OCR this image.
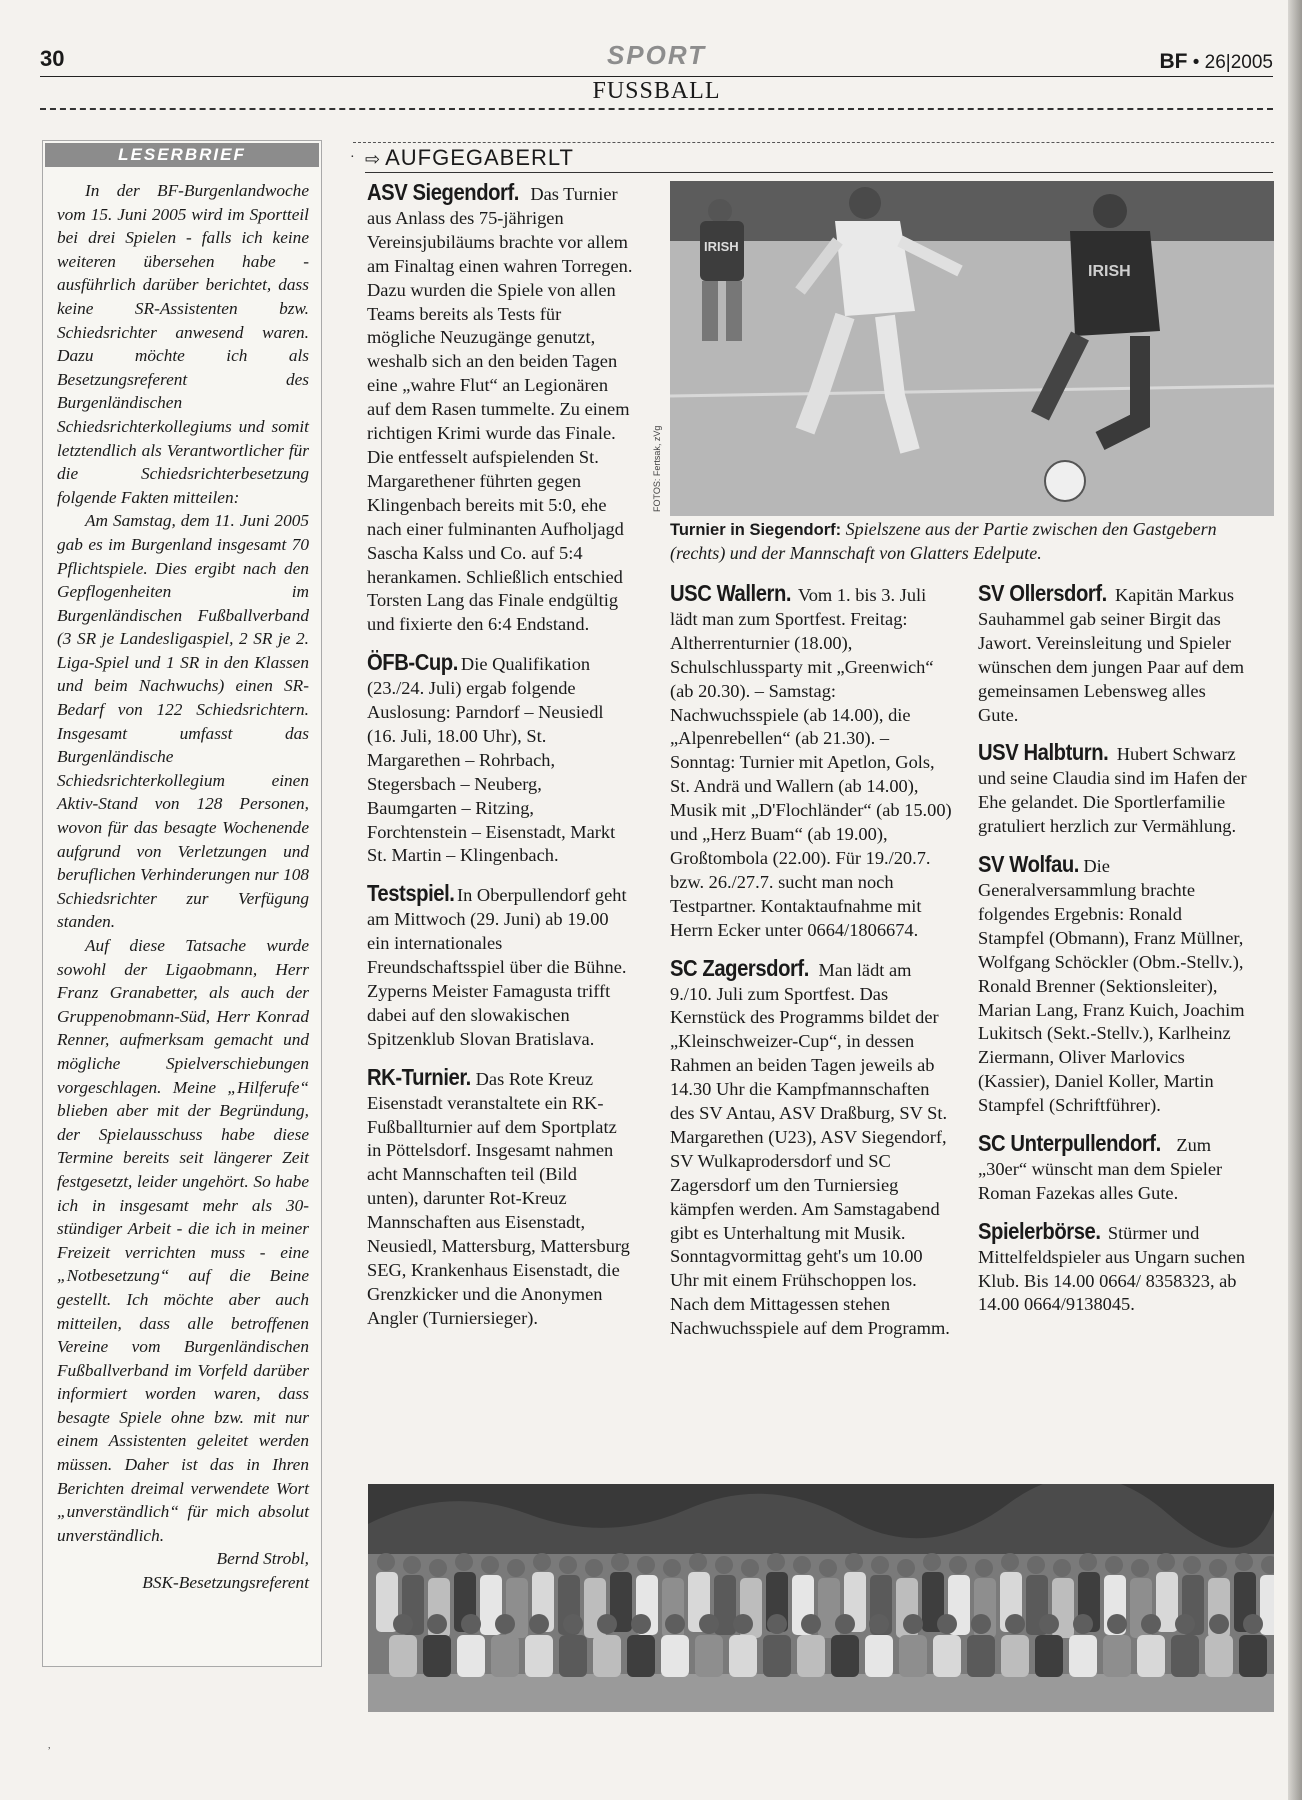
30	SPORT	BF • 26|2005
FUSSBALL
LESERBRIEF

In der BF-Burgenlandwoche vom 15. Juni 2005 wird im Sportteil bei drei Spielen - falls ich keine weiteren übersehen habe - ausführlich darüber berichtet, dass keine SR-Assistenten bzw. Schiedsrichter anwesend waren. Dazu möchte ich als Besetzungsreferent des Burgenländischen Schiedsrichterkollegiums und somit letztendlich als Verantwortlicher für die Schiedsrichterbesetzung folgende Fakten mitteilen:

Am Samstag, dem 11. Juni 2005 gab es im Burgenland insgesamt 70 Pflichtspiele. Dies ergibt nach den Gepflogenheiten im Burgenländischen Fußballverband (3 SR je Landesligaspiel, 2 SR je 2. Liga-Spiel und 1 SR in den Klassen und beim Nachwuchs) einen SR-Bedarf von 122 Schiedsrichtern. Insgesamt umfasst das Burgenländische Schiedsrichterkollegium einen Aktiv-Stand von 128 Personen, wovon für das besagte Wochenende aufgrund von Verletzungen und beruflichen Verhinderungen nur 108 Schiedsrichter zur Verfügung standen.

Auf diese Tatsache wurde sowohl der Ligaobmann, Herr Franz Granabetter, als auch der Gruppenobmann-Süd, Herr Konrad Renner, aufmerksam gemacht und mögliche Spielverschiebungen vorgeschlagen. Meine „Hilferufe“ blieben aber mit der Begründung, der Spielausschuss habe diese Termine bereits seit längerer Zeit festgesetzt, leider ungehört. So habe ich in insgesamt mehr als 30-stündiger Arbeit - die ich in meiner Freizeit verrichten muss - eine „Notbesetzung“ auf die Beine gestellt. Ich möchte aber auch mitteilen, dass alle betroffenen Vereine vom Burgenländischen Fußballverband im Vorfeld darüber informiert worden waren, dass besagte Spiele ohne bzw. mit nur einem Assistenten geleitet werden müssen. Daher ist das in Ihren Berichten dreimal verwendete Wort „unverständlich“ für mich absolut unverständlich.

Bernd Strobl,
BSK-Besetzungsreferent
· ⇨ AUFGEGABERLT

ASV Siegendorf. Das Turnier aus Anlass des 75-jährigen Vereinsjubiläums brachte vor allem am Finaltag einen wahren Torregen. Dazu wurden die Spiele von allen Teams bereits als Tests für mögliche Neuzugänge genutzt, weshalb sich an den beiden Tagen eine „wahre Flut“ an Legionären auf dem Rasen tummelte. Zu einem richtigen Krimi wurde das Finale. Die entfesselt aufspielenden St. Margarethener führten gegen Klingenbach bereits mit 5:0, ehe nach einer fulminanten Aufholjagd Sascha Kalss und Co. auf 5:4 herankamen. Schließlich entschied Torsten Lang das Finale endgültig und fixierte den 6:4 Endstand.

ÖFB-Cup. Die Qualifikation (23./24. Juli) ergab folgende Auslosung: Parndorf – Neusiedl (16. Juli, 18.00 Uhr), St. Margarethen – Rohrbach, Stegersbach – Neuberg, Baumgarten – Ritzing, Forchtenstein – Eisenstadt, Markt St. Martin – Klingenbach.

Testspiel. In Oberpullendorf geht am Mittwoch (29. Juni) ab 19.00 ein internationales Freundschaftsspiel über die Bühne. Zyperns Meister Famagusta trifft dabei auf den slowakischen Spitzenklub Slovan Bratislava.

RK-Turnier. Das Rote Kreuz Eisenstadt veranstaltete ein RK-Fußballturnier auf dem Sportplatz in Pöttelsdorf. Insgesamt nahmen acht Mannschaften teil (Bild unten), darunter Rot-Kreuz Mannschaften aus Eisenstadt, Neusiedl, Mattersburg, Mattersburg SEG, Krankenhaus Eisenstadt, die Grenzkicker und die Anonymen Angler (Turniersieger).

FOTOS: Fertsak, zVg
IRISH
IRISH
Turnier in Siegendorf: Spielszene aus der Partie zwischen den Gastgebern (rechts) und der Mannschaft von Glatters Edelpute.

USC Wallern. Vom 1. bis 3. Juli lädt man zum Sportfest. Freitag: Altherrenturnier (18.00), Schulschlussparty mit „Greenwich“ (ab 20.30). – Samstag: Nachwuchsspiele (ab 14.00), die „Alpenrebellen“ (ab 21.30). – Sonntag: Turnier mit Apetlon, Gols, St. Andrä und Wallern (ab 14.00), Musik mit „D'Flochländer“ (ab 15.00) und „Herz Buam“ (ab 19.00), Großtombola (22.00). Für 19./20.7. bzw. 26./27.7. sucht man noch Testpartner. Kontaktaufnahme mit Herrn Ecker unter 0664/1806674.

SC Zagersdorf. Man lädt am 9./10. Juli zum Sportfest. Das Kernstück des Programms bildet der „Kleinschweizer-Cup“, in dessen Rahmen an beiden Tagen jeweils ab 14.30 Uhr die Kampfmannschaften des SV Antau, ASV Draßburg, SV St. Margarethen (U23), ASV Siegendorf, SV Wulkaprodersdorf und SC Zagersdorf um den Turniersieg kämpfen werden. Am Samstagabend gibt es Unterhaltung mit Musik. Sonntagvormittag geht's um 10.00 Uhr mit einem Frühschoppen los. Nach dem Mittagessen stehen Nachwuchsspiele auf dem Programm.

SV Ollersdorf. Kapitän Markus Sauhammel gab seiner Birgit das Jawort. Vereinsleitung und Spieler wünschen dem jungen Paar auf dem gemeinsamen Lebensweg alles Gute.

USV Halbturn. Hubert Schwarz und seine Claudia sind im Hafen der Ehe gelandet. Die Sportlerfamilie gratuliert herzlich zur Vermählung.

SV Wolfau. Die Generalversammlung brachte folgendes Ergebnis: Ronald Stampfel (Obmann), Franz Müllner, Wolfgang Schöckler (Obm.-Stellv.), Ronald Brenner (Sektionsleiter), Marian Lang, Franz Kuich, Joachim Lukitsch (Sekt.-Stellv.), Karlheinz Ziermann, Oliver Marlovics (Kassier), Daniel Koller, Martin Stampfel (Schriftführer).

SC Unterpullendorf. Zum „30er“ wünscht man dem Spieler Roman Fazekas alles Gute.

Spielerbörse. Stürmer und Mittelfeldspieler aus Ungarn suchen Klub. Bis 14.00 0664/ 8358323, ab 14.00 0664/9138045.

,
